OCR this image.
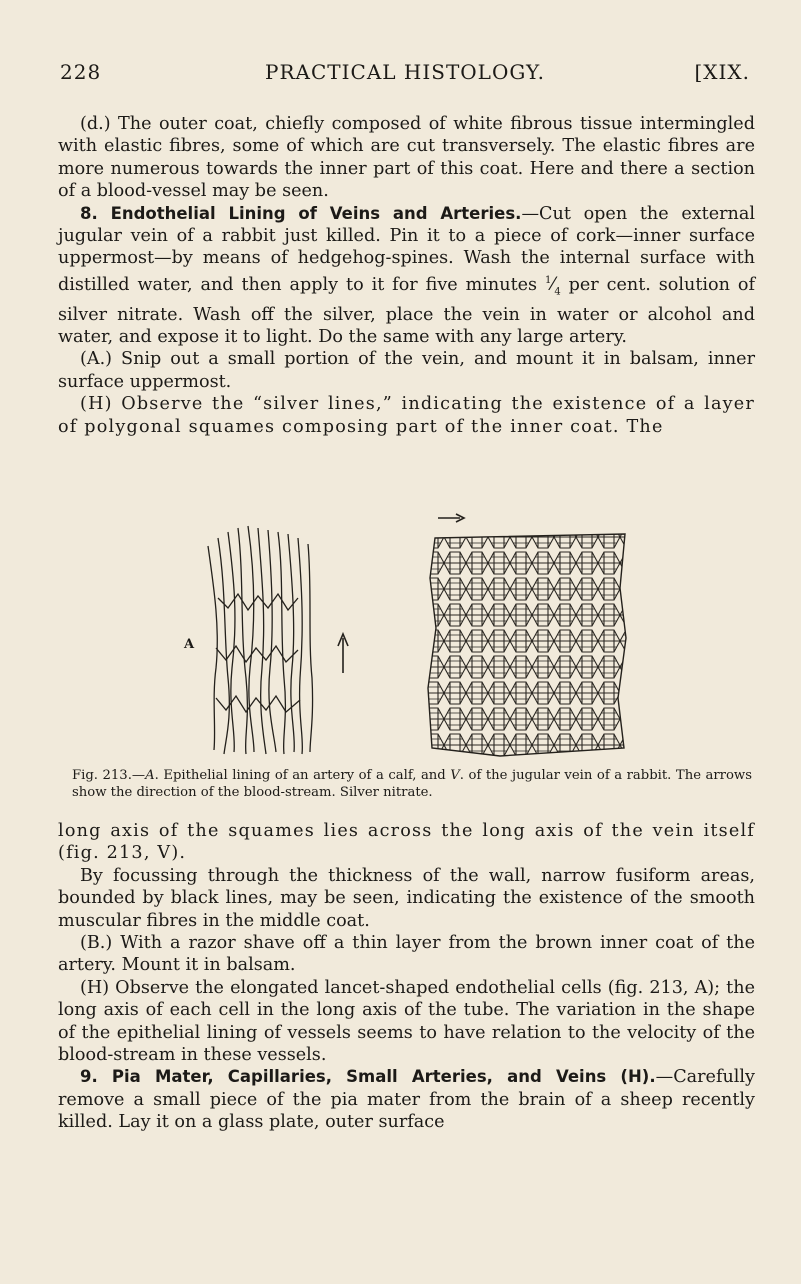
228	PRACTICAL HISTOLOGY.	[XIX.

(d.) The outer coat, chiefly composed of white fibrous tissue intermingled with elastic fibres, some of which are cut transversely. The elastic fibres are more numerous towards the inner part of this coat. Here and there a section of a blood-vessel may be seen.

8. Endothelial Lining of Veins and Arteries.—Cut open the external jugular vein of a rabbit just killed. Pin it to a piece of cork—inner surface uppermost—by means of hedgehog-spines. Wash the internal surface with distilled water, and then apply to it for five minutes $^1⁄_4$ per cent. solution of silver nitrate. Wash off the silver, place the vein in water or alcohol and water, and expose it to light. Do the same with any large artery.

(A.) Snip out a small portion of the vein, and mount it in balsam, inner surface uppermost.

(H) Observe the “silver lines,” indicating the existence of a layer of polygonal squames composing part of the inner coat. The

A
V

Fig. 213.—A. Epithelial lining of an artery of a calf, and V. of the jugular vein of a rabbit. The arrows show the direction of the blood-stream. Silver nitrate.

long axis of the squames lies across the long axis of the vein itself (fig. 213, V).

By focussing through the thickness of the wall, narrow fusiform areas, bounded by black lines, may be seen, indicating the existence of the smooth muscular fibres in the middle coat.

(B.) With a razor shave off a thin layer from the brown inner coat of the artery. Mount it in balsam.

(H) Observe the elongated lancet-shaped endothelial cells (fig. 213, A); the long axis of each cell in the long axis of the tube. The variation in the shape of the epithelial lining of vessels seems to have relation to the velocity of the blood-stream in these vessels.

9. Pia Mater, Capillaries, Small Arteries, and Veins (H).—Carefully remove a small piece of the pia mater from the brain of a sheep recently killed. Lay it on a glass plate, outer surface
